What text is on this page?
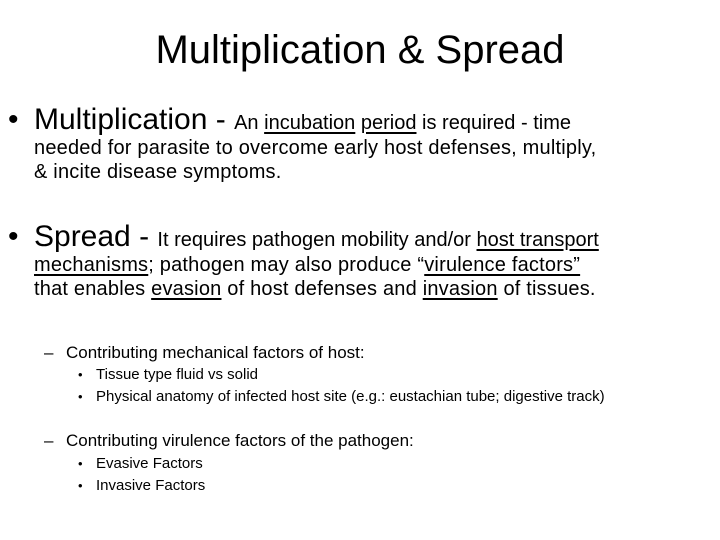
Multiplication & Spread
• Multiplication - An incubation period is required - time
needed for parasite to overcome early host defenses, multiply,
& incite disease symptoms.
• Spread - It requires pathogen mobility and/or host transport
mechanisms; pathogen may also produce “virulence factors”
that enables evasion of host defenses and invasion of tissues.
– Contributing mechanical factors of host:
• Tissue type fluid vs solid
• Physical anatomy of infected host site (e.g.: eustachian tube; digestive track)
– Contributing virulence factors of the pathogen:
• Evasive Factors
• Invasive Factors
